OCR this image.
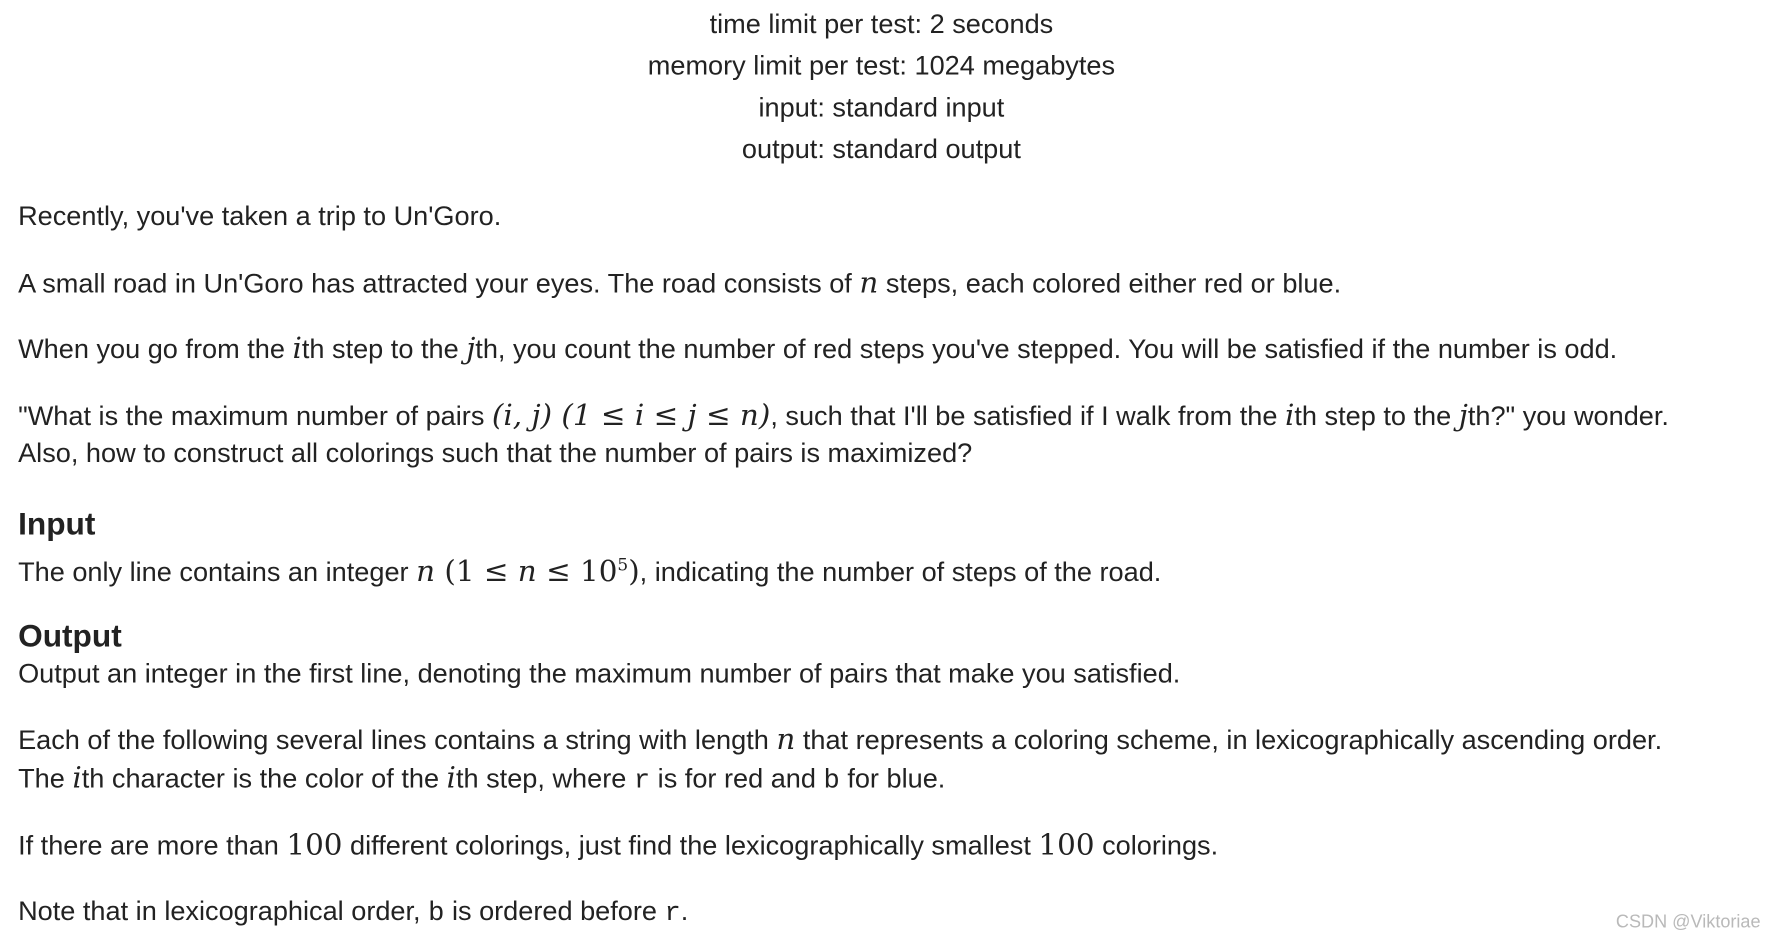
time limit per test: 2 seconds
memory limit per test: 1024 megabytes
input: standard input
output: standard output
Recently, you've taken a trip to Un'Goro.
A small road in Un'Goro has attracted your eyes. The road consists of n steps, each colored either red or blue.
When you go from the ith step to the jth, you count the number of red steps you've stepped. You will be satisfied if the number is odd.
"What is the maximum number of pairs (i, j) (1 ≤ i ≤ j ≤ n), such that I'll be satisfied if I walk from the ith step to the jth?" you wonder.
Also, how to construct all colorings such that the number of pairs is maximized?
Input
The only line contains an integer n $(1 \le n \le 10^5)$, indicating the number of steps of the road.
Output
Output an integer in the first line, denoting the maximum number of pairs that make you satisfied.
Each of the following several lines contains a string with length n that represents a coloring scheme, in lexicographically ascending order.
The ith character is the color of the ith step, where r is for red and b for blue.
If there are more than 100 different colorings, just find the lexicographically smallest 100 colorings.
Note that in lexicographical order, b is ordered before r.	CSDN @Viktoriae
